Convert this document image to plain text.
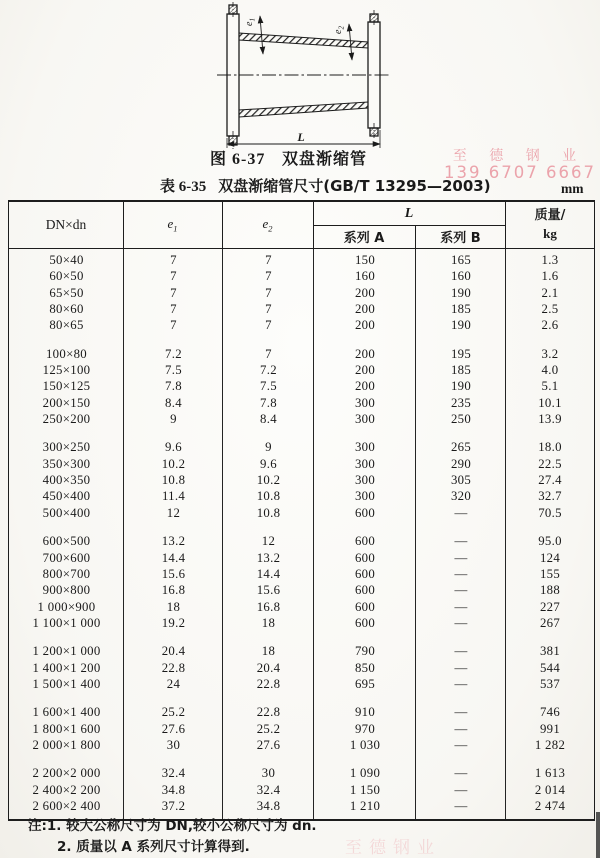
$e_1$
$e_2$
L
图 6-37 双盘渐缩管	至 德 钢 业
139 6707 6667
表 6-35 双盘渐缩管尺寸(GB/T 13295—2003)	mm
DN×dn	$e_1$	$e_2$
L
系列 A	系列 B
质量/
kg
50×40	7	7	150	165	1.3
60×50	7	7	160	160	1.6
65×50	7	7	200	190	2.1
80×60	7	7	200	185	2.5
80×65	7	7	200	190	2.6
100×80	7.2	7	200	195	3.2
125×100	7.5	7.2	200	185	4.0
150×125	7.8	7.5	200	190	5.1
200×150	8.4	7.8	300	235	10.1
250×200	9	8.4	300	250	13.9
300×250	9.6	9	300	265	18.0
350×300	10.2	9.6	300	290	22.5
400×350	10.8	10.2	300	305	27.4
450×400	11.4	10.8	300	320	32.7
500×400	12	10.8	600	—	70.5
600×500	13.2	12	600	—	95.0
700×600	14.4	13.2	600	—	124
800×700	15.6	14.4	600	—	155
900×800	16.8	15.6	600	—	188
1 000×900	18	16.8	600	—	227
1 100×1 000	19.2	18	600	—	267
1 200×1 000	20.4	18	790	—	381
1 400×1 200	22.8	20.4	850	—	544
1 500×1 400	24	22.8	695	—	537
1 600×1 400	25.2	22.8	910	—	746
1 800×1 600	27.6	25.2	970	—	991
2 000×1 800	30	27.6	1 030	—	1 282
2 200×2 000	32.4	30	1 090	—	1 613
2 400×2 200	34.8	32.4	1 150	—	2 014
2 600×2 400	37.2	34.8	1 210	—	2 474
注:1. 较大公称尺寸为 DN,较小公称尺寸为 dn.
2. 质量以 A 系列尺寸计算得到.	至德钢业
